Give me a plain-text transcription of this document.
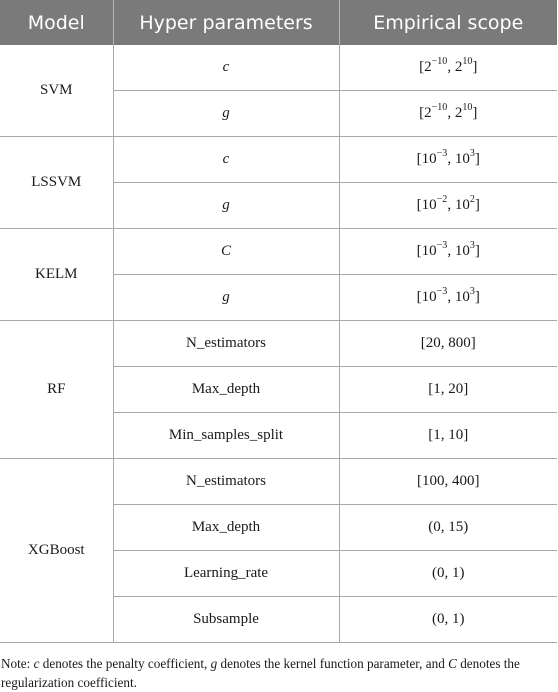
Model	Hyper parameters	Empirical scope
SVM	c	[$2^{-10}$, $2^{10}$]
	g	[$2^{-10}$, $2^{10}$]
LSSVM	c	[$10^{-3}$, $10^3$]
	g	[$10^{-2}$, $10^2$]
KELM	C	[$10^{-3}$, $10^3$]
	g	[$10^{-3}$, $10^3$]
RF	N_estimators	[20, 800]
	Max_depth	[1, 20]
	Min_samples_split	[1, 10]
XGBoost	N_estimators	[100, 400]
	Max_depth	(0, 15)
	Learning_rate	(0, 1)
	Subsample	(0, 1)
Note: c denotes the penalty coefficient, g denotes the kernel function parameter, and C denotes the regularization coefficient.
